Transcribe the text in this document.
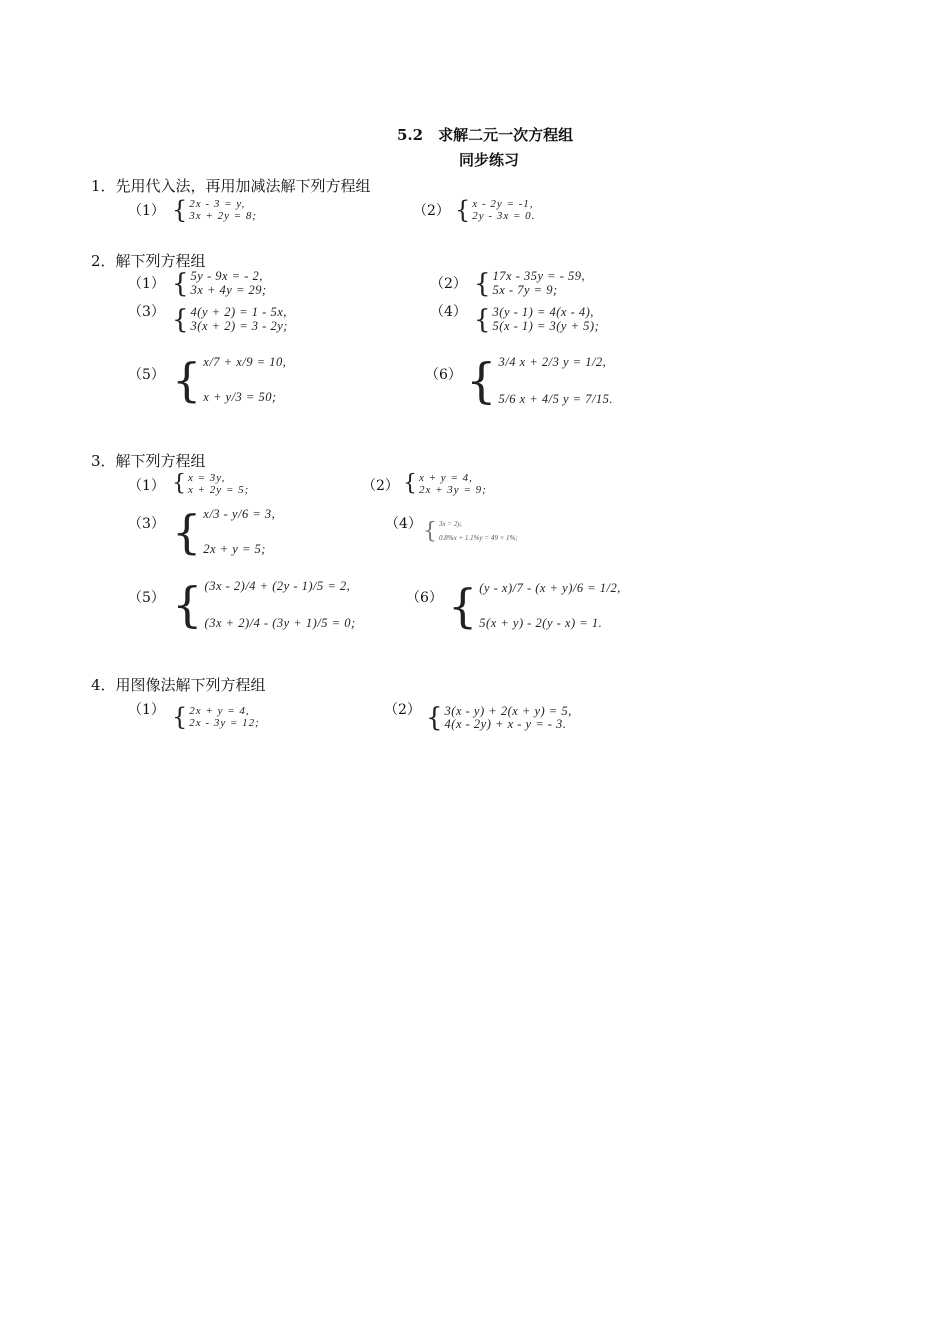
5.2　求解二元一次方程组
同步练习
1．先用代入法，再用加减法解下列方程组
（1） { 2x - 3 = y,
3x + 2y = 8;	（2） { x - 2y = -1,
2y - 3x = 0.
2．解下列方程组
（1） { 5y - 9x = - 2,
3x + 4y = 29;	（2） { 17x - 35y = - 59,
5x - 7y = 9;
（3） { 4(y + 2) = 1 - 5x,
3(x + 2) = 3 - 2y;
（4） { 3(y - 1) = 4(x - 4),
5(x - 1) = 3(y + 5);
（5） { x/7 + x/9 = 10,
x + y/3 = 50;
（6） { 3/4 x + 2/3 y = 1/2,
5/6 x + 4/5 y = 7/15.
3．解下列方程组
（1） { x = 3y,
x + 2y = 5;	（2） { x + y = 4,
2x + 3y = 9;
（3） { x/3 - y/6 = 3,
2x + y = 5;
（4） { 3x = 2y,
0.8%x + 1.1%y = 49 × 1%;
（5） { (3x - 2)/4 + (2y - 1)/5 = 2,
(3x + 2)/4 - (3y + 1)/5 = 0;
（6） { (y - x)/7 - (x + y)/6 = 1/2,
5(x + y) - 2(y - x) = 1.
4．用图像法解下列方程组
（1） { 2x + y = 4,
2x - 3y = 12;
（2） { 3(x - y) + 2(x + y) = 5,
4(x - 2y) + x - y = - 3.
